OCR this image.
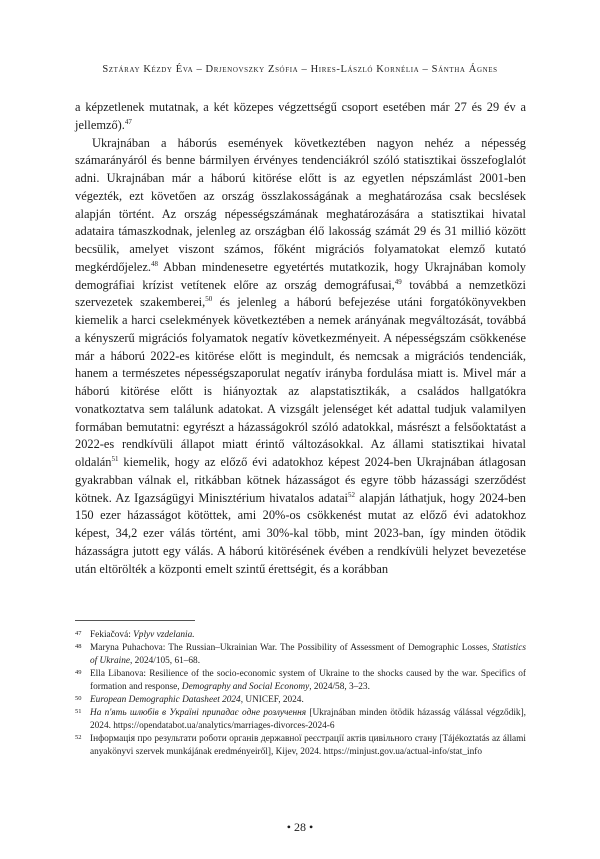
Sztáray Kézdy Éva – Drjenovszky Zsófia – Hires-László Kornélia – Sántha Ágnes

a képzetlenek mutatnak, a két közepes végzettségű csoport esetében már 27 és 29 év a jellemző).$^{47}$

Ukrajnában a háborús események következtében nagyon nehéz a népesség számarányáról és benne bármilyen érvényes tendenciákról szóló statisztikai összefoglalót adni. Ukrajnában már a háború kitörése előtt is az egyetlen népszámlást 2001-ben végezték, ezt követően az ország összlakosságának a meghatározása csak becslések alapján történt. Az ország népességszámának meghatározására a statisztikai hivatal adataira támaszkodnak, jelenleg az országban élő lakosság számát 29 és 31 millió között becsülik, amelyet viszont számos, főként migrációs folyamatokat elemző kutató megkérdőjelez.$^{48}$ Abban mindenesetre egyetértés mutatkozik, hogy Ukrajnában komoly demográfiai krízist vetítenek előre az ország demográfusai,$^{49}$ továbbá a nemzetközi szervezetek szakemberei,$^{50}$ és jelenleg a háború befejezése utáni forgatókönyvekben kiemelik a harci cselekmények következtében a nemek arányának megváltozását, továbbá a kényszerű migrációs folyamatok negatív következményeit. A népességszám csökkenése már a háború 2022-es kitörése előtt is megindult, és nemcsak a migrációs tendenciák, hanem a természetes népességszaporulat negatív irányba fordulása miatt is. Mivel már a háború kitörése előtt is hiányoztak az alapstatisztikák, a családos hallgatókra vonatkoztatva sem találunk adatokat. A vizsgált jelenséget két adattal tudjuk valamilyen formában bemutatni: egyrészt a házasságokról szóló adatokkal, másrészt a felsőoktatást a 2022-es rendkívüli állapot miatt érintő változásokkal. Az állami statisztikai hivatal oldalán$^{51}$ kiemelik, hogy az előző évi adatokhoz képest 2024-ben Ukrajnában átlagosan gyakrabban válnak el, ritkábban kötnek házasságot és egyre több házassági szerződést kötnek. Az Igazságügyi Minisztérium hivatalos adatai$^{52}$ alapján láthatjuk, hogy 2024-ben 150 ezer házasságot kötöttek, ami 20%-os csökkenést mutat az előző évi adatokhoz képest, 34,2 ezer válás történt, ami 30%-kal több, mint 2023-ban, így minden ötödik házasságra jutott egy válás. A háború kitörésének évében a rendkívüli helyzet bevezetése után eltörölték a központi emelt szintű érettségit, és a korábban

47 Fekiačová: Vplyv vzdelania.
48 Maryna Puhachova: The Russian–Ukrainian War. The Possibility of Assessment of Demographic Losses, Statistics of Ukraine, 2024/105, 61–68.
49 Ella Libanova: Resilience of the socio-economic system of Ukraine to the shocks caused by the war. Specifics of formation and response, Demography and Social Economy, 2024/58, 3–23.
50 European Demographic Datasheet 2024, UNICEF, 2024.
51 На п'ять шлюбів в Україні припадає одне розлучення [Ukrajnában minden ötödik házasság válással végződik], 2024. https://opendatabot.ua/analytics/marriages-divorces-2024-6
52 Інформація про результати роботи органів державної реєстрації актів цивільного стану [Tájékoztatás az állami anyakönyvi szervek munkájának eredményeiről], Kijev, 2024. https://minjust.gov.ua/actual-info/stat_info
• 28 •
